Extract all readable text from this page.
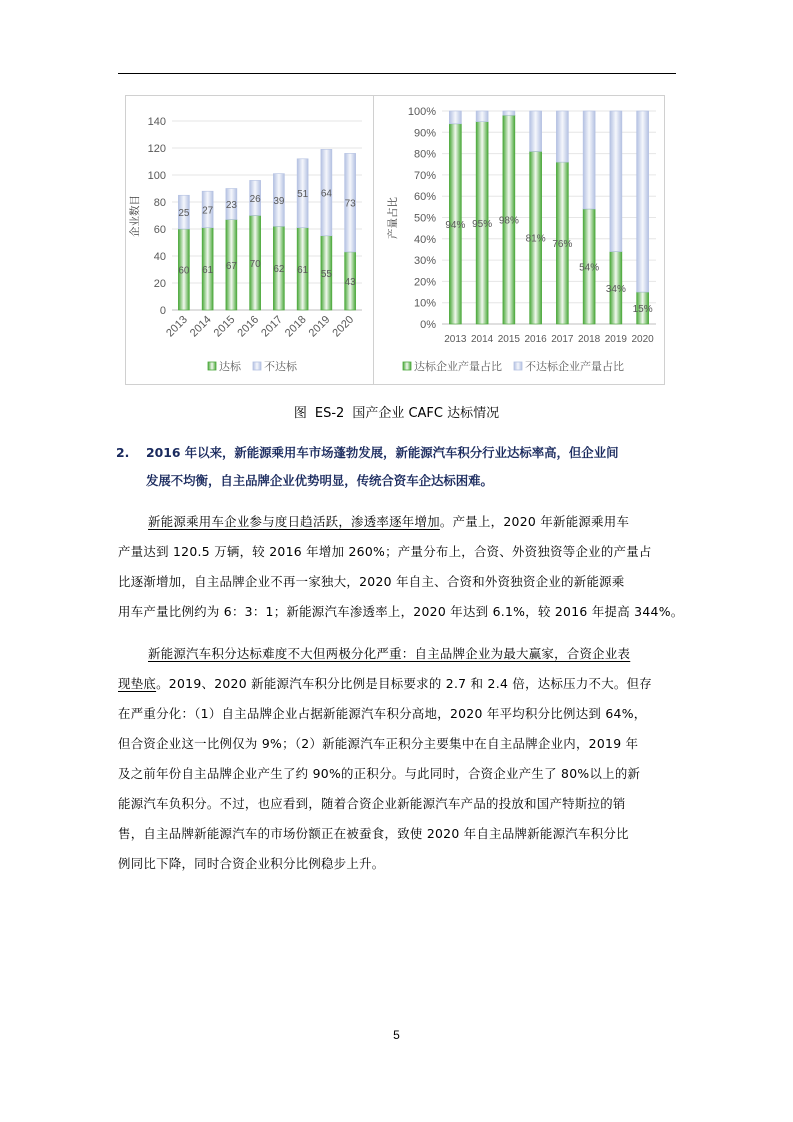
企业数目
0
20
40
60
80
100
120
140
60
25
61
27
67
23
70
26
62
39
61
51
55
64
43
73
2013
2014
2015
2016
2017
2018
2019
2020
达标 不达标
产量占比
0%
10%
20%
30%
40%
50%
60%
70%
80%
90%
100%
94% 95% 98%
81% 76%
54%
34%
15%
2013 2014 2015 2016 2017 2018 2019 2020
达标企业产量占比 不达标企业产量占比
图 ES-2 国产企业 CAFC 达标情况
2. 2016 年以来，新能源乘用车市场蓬勃发展，新能源汽车积分行业达标率高，但企业间
发展不均衡，自主品牌企业优势明显，传统合资车企达标困难。
新能源乘用车企业参与度日趋活跃，渗透率逐年增加。产量上，2020 年新能源乘用车
产量达到 120.5 万辆，较 2016 年增加 260%；产量分布上，合资、外资独资等企业的产量占
比逐渐增加，自主品牌企业不再一家独大，2020 年自主、合资和外资独资企业的新能源乘
用车产量比例约为 6：3：1；新能源汽车渗透率上，2020 年达到 6.1%，较 2016 年提高 344%。
新能源汽车积分达标难度不大但两极分化严重：自主品牌企业为最大赢家，合资企业表
现垫底。2019、2020 新能源汽车积分比例是目标要求的 2.7 和 2.4 倍，达标压力不大。但存
在严重分化：（1）自主品牌企业占据新能源汽车积分高地，2020 年平均积分比例达到 64%，
但合资企业这一比例仅为 9%；（2）新能源汽车正积分主要集中在自主品牌企业内，2019 年
及之前年份自主品牌企业产生了约 90%的正积分。与此同时，合资企业产生了 80%以上的新
能源汽车负积分。不过，也应看到，随着合资企业新能源汽车产品的投放和国产特斯拉的销
售，自主品牌新能源汽车的市场份额正在被蚕食，致使 2020 年自主品牌新能源汽车积分比
例同比下降，同时合资企业积分比例稳步上升。
5
